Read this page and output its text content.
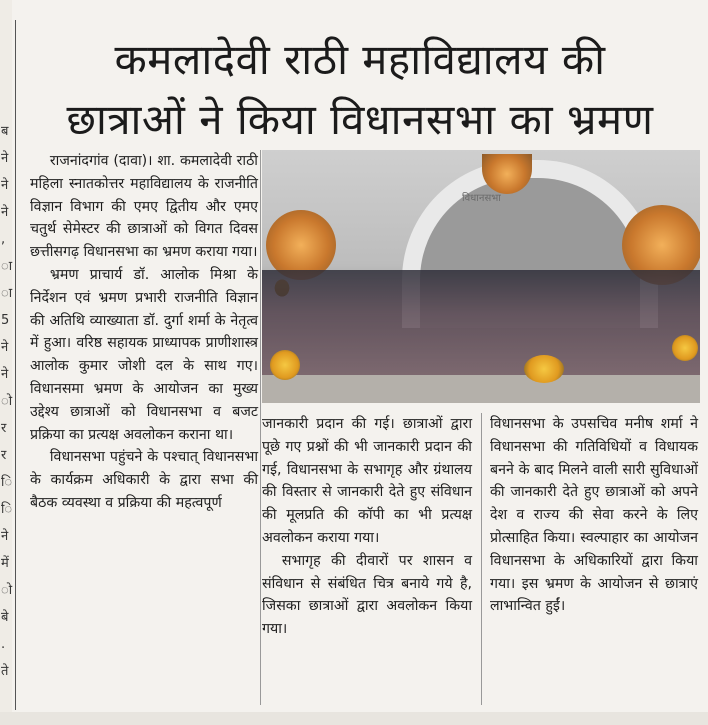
ब
ने
ने
ने
,
ा
ा
5
ने
ने
ो
र
र
ि
ि
ने
में
ो
बे
.
ते
कमलादेवी राठी महाविद्यालय की
छात्राओं ने किया विधानसभा का भ्रमण

राजनांदगांव (दावा)। शा. कमलादेवी राठी महिला स्नातकोत्तर महाविद्यालय के राजनीति विज्ञान विभाग की एमए द्वितीय और एमए चतुर्थ सेमेस्टर की छात्राओं को विगत दिवस छत्तीसगढ़ विधानसभा का भ्रमण कराया गया।

भ्रमण प्राचार्य डॉ. आलोक मिश्रा के निर्देशन एवं भ्रमण प्रभारी राजनीति विज्ञान की अतिथि व्याख्याता डॉ. दुर्गा शर्मा के नेतृत्व में हुआ। वरिष्ठ सहायक प्राध्यापक प्राणीशास्त्र आलोक कुमार जोशी दल के साथ गए। विधानसमा भ्रमण के आयोजन का मुख्य उद्देश्य छात्राओं को विधानसभा व बजट प्रक्रिया का प्रत्यक्ष अवलोकन कराना था।

विधानसभा पहुंचने के पश्चात् विधानसभा के कार्यक्रम अधिकारी के द्वारा सभा की बैठक व्यवस्था व प्रक्रिया की महत्वपूर्ण

विधानसभा

जानकारी प्रदान की गई। छात्राओं द्वारा पूछे गए प्रश्नों की भी जानकारी प्रदान की गई, विधानसभा के सभागृह और ग्रंथालय की विस्तार से जानकारी देते हुए संविधान की मूलप्रति की कॉपी का भी प्रत्यक्ष अवलोकन कराया गया।

सभागृह की दीवारों पर शासन व संविधान से संबंधित चित्र बनाये गये है, जिसका छात्राओं द्वारा अवलोकन किया गया।

विधानसभा के उपसचिव मनीष शर्मा ने विधानसभा की गतिविधियों व विधायक बनने के बाद मिलने वाली सारी सुविधाओं की जानकारी देते हुए छात्राओं को अपने देश व राज्य की सेवा करने के लिए प्रोत्साहित किया। स्वल्पाहार का आयोजन विधानसभा के अधिकारियों द्वारा किया गया। इस भ्रमण के आयोजन से छात्राएं लाभान्वित हुईं।
